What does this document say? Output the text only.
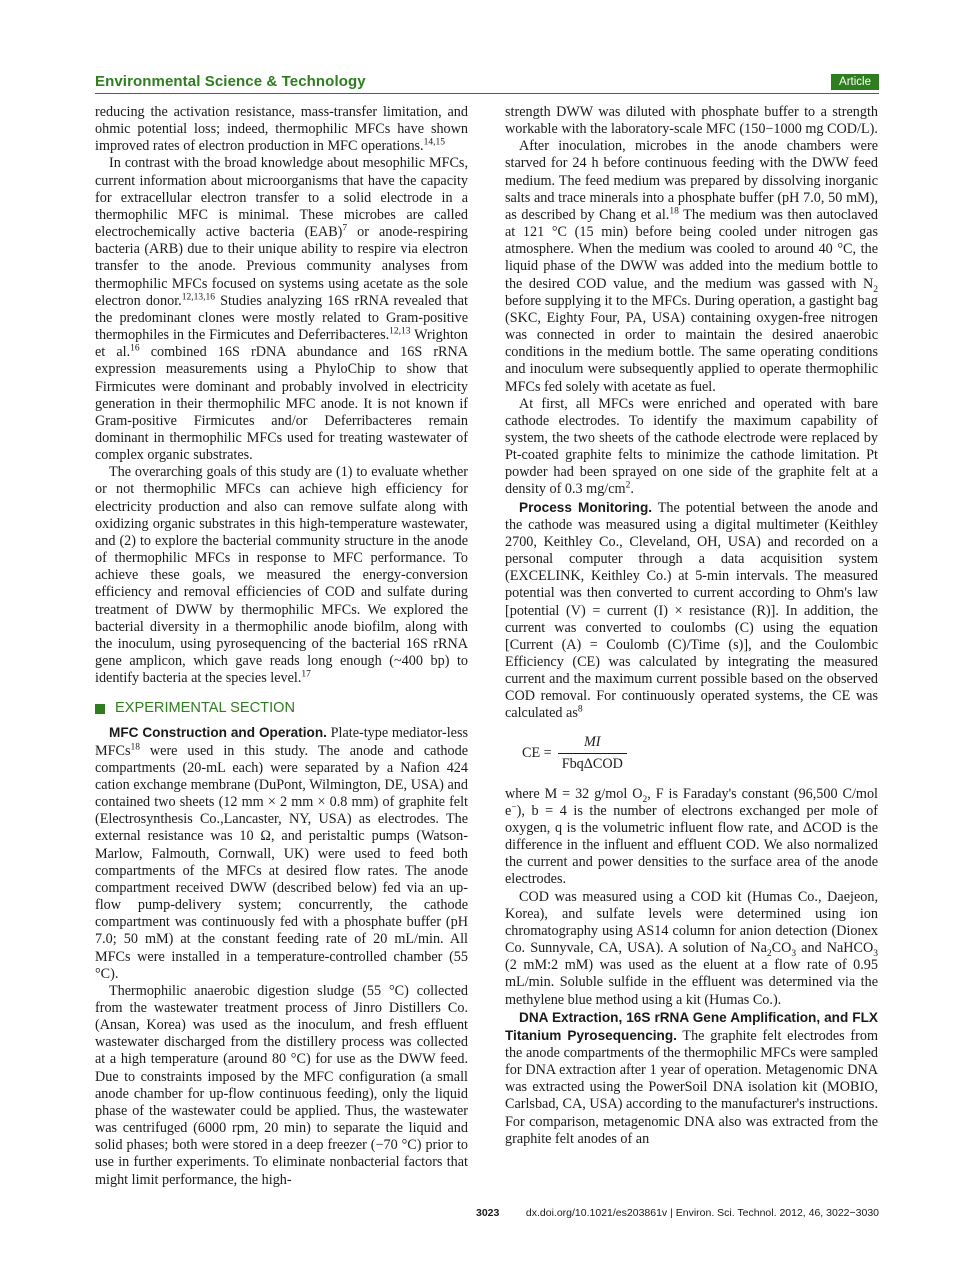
Environmental Science & Technology	Article

reducing the activation resistance, mass-transfer limitation, and ohmic potential loss; indeed, thermophilic MFCs have shown improved rates of electron production in MFC operations.$^{14,15}$

In contrast with the broad knowledge about mesophilic MFCs, current information about microorganisms that have the capacity for extracellular electron transfer to a solid electrode in a thermophilic MFC is minimal. These microbes are called electrochemically active bacteria (EAB)$^7$ or anode-respiring bacteria (ARB) due to their unique ability to respire via electron transfer to the anode. Previous community analyses from thermophilic MFCs focused on systems using acetate as the sole electron donor.$^{12,13,16}$ Studies analyzing 16S rRNA revealed that the predominant clones were mostly related to Gram-positive thermophiles in the Firmicutes and Deferribacteres.$^{12,13}$ Wrighton et al.$^{16}$ combined 16S rDNA abundance and 16S rRNA expression measurements using a PhyloChip to show that Firmicutes were dominant and probably involved in electricity generation in their thermophilic MFC anode. It is not known if Gram-positive Firmicutes and/or Deferribacteres remain dominant in thermophilic MFCs used for treating wastewater of complex organic substrates.

The overarching goals of this study are (1) to evaluate whether or not thermophilic MFCs can achieve high efficiency for electricity production and also can remove sulfate along with oxidizing organic substrates in this high-temperature wastewater, and (2) to explore the bacterial community structure in the anode of thermophilic MFCs in response to MFC performance. To achieve these goals, we measured the energy-conversion efficiency and removal efficiencies of COD and sulfate during treatment of DWW by thermophilic MFCs. We explored the bacterial diversity in a thermophilic anode biofilm, along with the inoculum, using pyrosequencing of the bacterial 16S rRNA gene amplicon, which gave reads long enough (~400 bp) to identify bacteria at the species level.$^{17}$

EXPERIMENTAL SECTION

MFC Construction and Operation. Plate-type mediator-less MFCs$^{18}$ were used in this study. The anode and cathode compartments (20-mL each) were separated by a Nafion 424 cation exchange membrane (DuPont, Wilmington, DE, USA) and contained two sheets (12 mm × 2 mm × 0.8 mm) of graphite felt (Electrosynthesis Co.,Lancaster, NY, USA) as electrodes. The external resistance was 10 Ω, and peristaltic pumps (Watson-Marlow, Falmouth, Cornwall, UK) were used to feed both compartments of the MFCs at desired flow rates. The anode compartment received DWW (described below) fed via an up-flow pump-delivery system; concurrently, the cathode compartment was continuously fed with a phosphate buffer (pH 7.0; 50 mM) at the constant feeding rate of 20 mL/min. All MFCs were installed in a temperature-controlled chamber (55 °C).

Thermophilic anaerobic digestion sludge (55 °C) collected from the wastewater treatment process of Jinro Distillers Co. (Ansan, Korea) was used as the inoculum, and fresh effluent wastewater discharged from the distillery process was collected at a high temperature (around 80 °C) for use as the DWW feed. Due to constraints imposed by the MFC configuration (a small anode chamber for up-flow continuous feeding), only the liquid phase of the wastewater could be applied. Thus, the wastewater was centrifuged (6000 rpm, 20 min) to separate the liquid and solid phases; both were stored in a deep freezer (−70 °C) prior to use in further experiments. To eliminate nonbacterial factors that might limit performance, the high-

strength DWW was diluted with phosphate buffer to a strength workable with the laboratory-scale MFC (150−1000 mg COD/L).

After inoculation, microbes in the anode chambers were starved for 24 h before continuous feeding with the DWW feed medium. The feed medium was prepared by dissolving inorganic salts and trace minerals into a phosphate buffer (pH 7.0, 50 mM), as described by Chang et al.$^{18}$ The medium was then autoclaved at 121 °C (15 min) before being cooled under nitrogen gas atmosphere. When the medium was cooled to around 40 °C, the liquid phase of the DWW was added into the medium bottle to the desired COD value, and the medium was gassed with $N_2$ before supplying it to the MFCs. During operation, a gastight bag (SKC, Eighty Four, PA, USA) containing oxygen-free nitrogen was connected in order to maintain the desired anaerobic conditions in the medium bottle. The same operating conditions and inoculum were subsequently applied to operate thermophilic MFCs fed solely with acetate as fuel.

At first, all MFCs were enriched and operated with bare cathode electrodes. To identify the maximum capability of system, the two sheets of the cathode electrode were replaced by Pt-coated graphite felts to minimize the cathode limitation. Pt powder had been sprayed on one side of the graphite felt at a density of 0.3 $mg/cm^2$.

Process Monitoring. The potential between the anode and the cathode was measured using a digital multimeter (Keithley 2700, Keithley Co., Cleveland, OH, USA) and recorded on a personal computer through a data acquisition system (EXCELINK, Keithley Co.) at 5-min intervals. The measured potential was then converted to current according to Ohm's law [potential (V) = current (I) × resistance (R)]. In addition, the current was converted to coulombs (C) using the equation [Current (A) = Coulomb (C)/Time (s)], and the Coulombic Efficiency (CE) was calculated by integrating the measured current and the maximum current possible based on the observed COD removal. For continuously operated systems, the CE was calculated $as^8$

CE = $\frac{MI}{\text{FbqΔCOD}}$

where M = 32 g/mol $O_2$, F is Faraday's constant (96,500 C/mol e−), b = 4 is the number of electrons exchanged per mole of oxygen, q is the volumetric influent flow rate, and ΔCOD is the difference in the influent and effluent COD. We also normalized the current and power densities to the surface area of the anode electrodes.

COD was measured using a COD kit (Humas Co., Daejeon, Korea), and sulfate levels were determined using ion chromatography using AS14 column for anion detection (Dionex Co. Sunnyvale, CA, USA). A solution of $Na_2CO_3$ and NaHCO$_3$ (2 mM:2 mM) was used as the eluent at a flow rate of 0.95 mL/min. Soluble sulfide in the effluent was determined via the methylene blue method using a kit (Humas Co.).

DNA Extraction, 16S rRNA Gene Amplification, and FLX Titanium Pyrosequencing. The graphite felt electrodes from the anode compartments of the thermophilic MFCs were sampled for DNA extraction after 1 year of operation. Metagenomic DNA was extracted using the PowerSoil DNA isolation kit (MOBIO, Carlsbad, CA, USA) according to the manufacturer's instructions. For comparison, metagenomic DNA also was extracted from the graphite felt anodes of an

3023	dx.doi.org/10.1021/es203861v | Environ. Sci. Technol. 2012, 46, 3022−3030
